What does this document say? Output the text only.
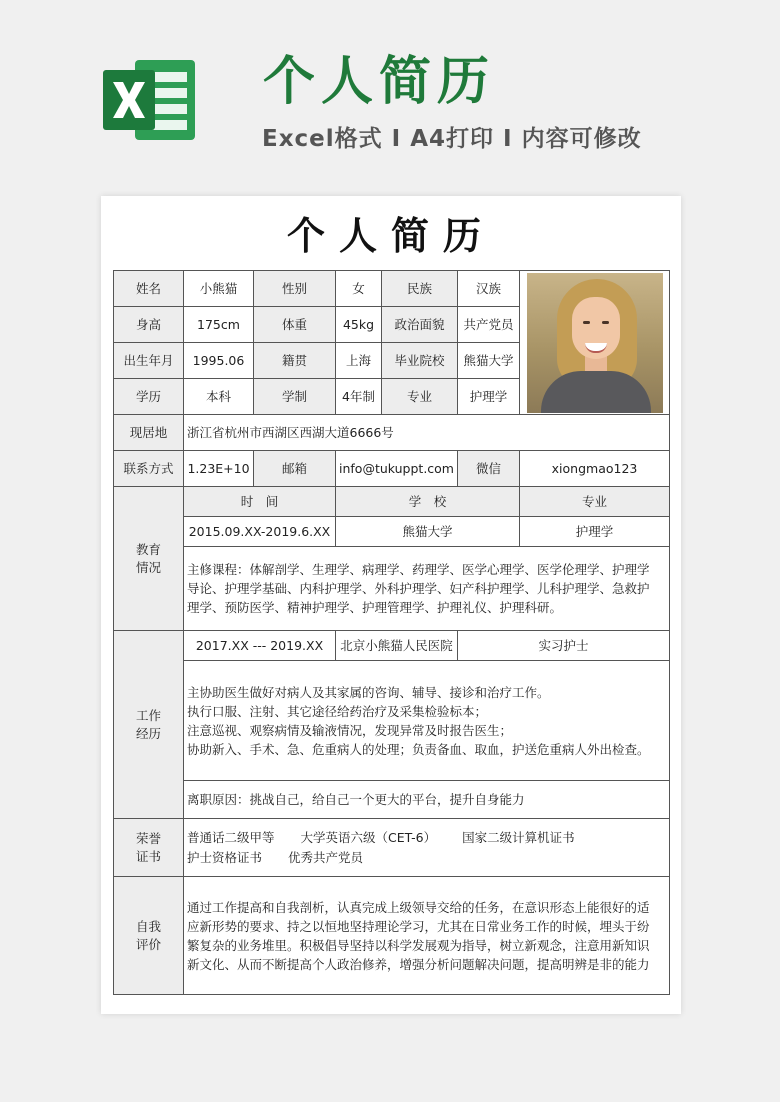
个人简历
Excel格式 I A4打印 I 内容可修改
个人简历
姓名	小熊猫	性别	女	民族	汉族	

身高	175cm	体重	45kg	政治面貌	共产党员	
出生年月	1995.06	籍贯	上海	毕业院校	熊猫大学	
学历	本科	学制	4年制	专业	护理学	
现居地	浙江省杭州市西湖区西湖大道6666号					
联系方式	1.23E+10	邮箱	info@tukuppt.com		微信	xiongmao123
教育
情况	时　间		学　校			专业
	2015.09.XX-2019.6.XX		熊猫大学			护理学

	主修课程：体解剖学、生理学、病理学、药理学、医学心理学、医学伦理学、护理学
导论、护理学基础、内科护理学、外科护理学、妇产科护理学、儿科护理学、急救护
理学、预防医学、精神护理学、护理管理学、护理礼仪、护理科研。					

工作
经历	2017.XX --- 2019.XX		北京小熊猫人民医院		实习护士	

	主协助医生做好对病人及其家属的咨询、辅导、接诊和治疗工作。
执行口服、注射、其它途径给药治疗及采集检验标本；
注意巡视、观察病情及输液情况，发现异常及时报告医生；
协助新入、手术、急、危重病人的处理；负责备血、取血，护送危重病人外出检查。					

	离职原因：挑战自己，给自己一个更大的平台，提升自身能力					
荣誉
证书	普通话二级甲等 大学英语六级（CET-6） 国家二级计算机证书
护士资格证书 优秀共产党员					

自我
评价	通过工作提高和自我剖析，认真完成上级领导交给的任务，在意识形态上能很好的适
应新形势的要求、持之以恒地坚持理论学习，尤其在日常业务工作的时候，埋头于纷
繁复杂的业务堆里。积极倡导坚持以科学发展观为指导，树立新观念，注意用新知识
新文化、从而不断提高个人政治修养，增强分析问题解决问题，提高明辨是非的能力					
